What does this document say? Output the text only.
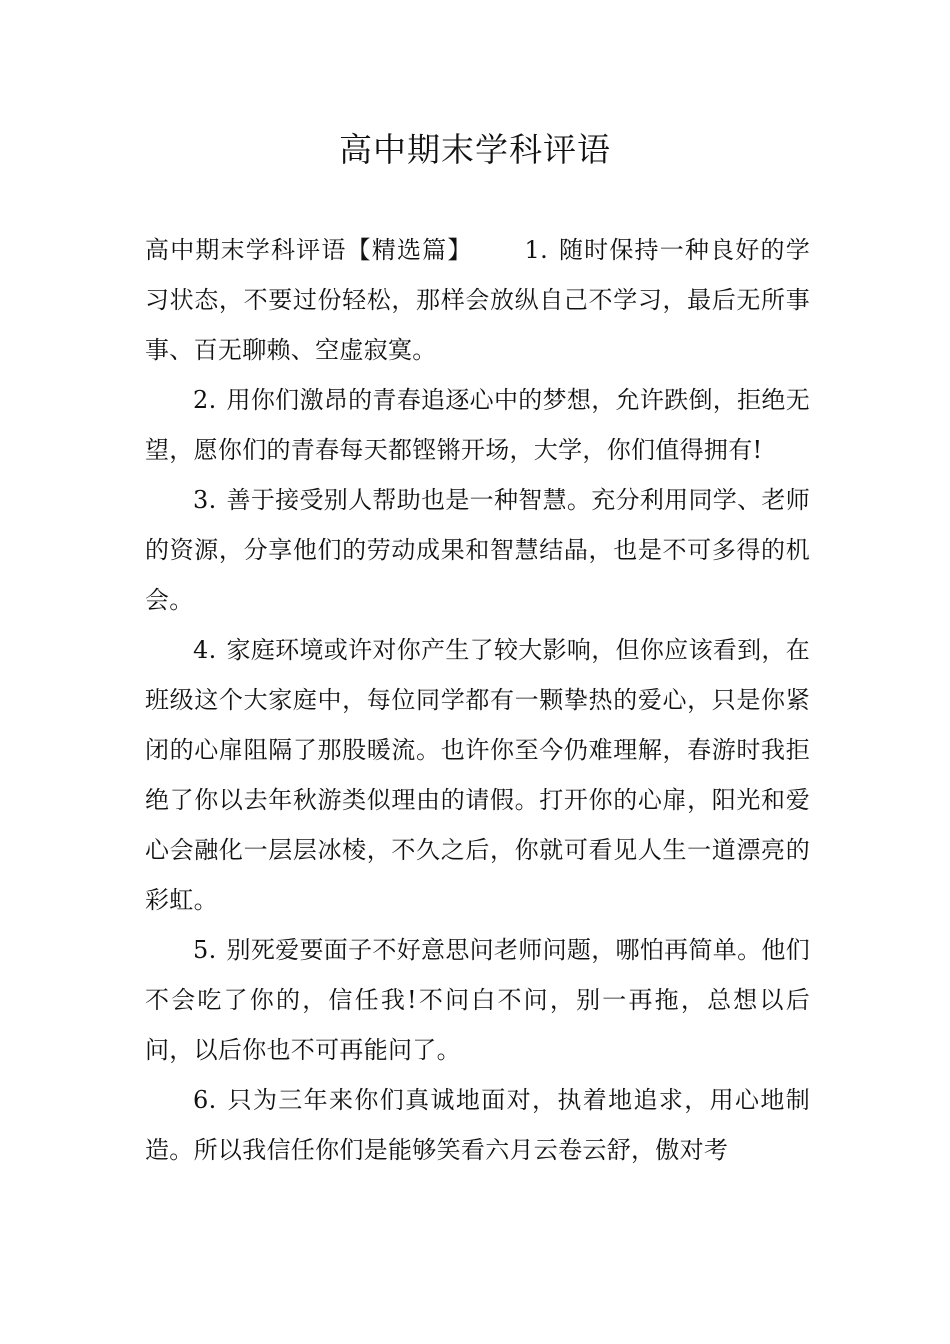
高中期末学科评语

高中期末学科评语【精选篇】 1. 随时保持一种良好的学习状态，不要过份轻松，那样会放纵自己不学习，最后无所事事、百无聊赖、空虚寂寞。

2. 用你们激昂的青春追逐心中的梦想，允许跌倒，拒绝无望，愿你们的青春每天都铿锵开场，大学，你们值得拥有!

3. 善于接受别人帮助也是一种智慧。充分利用同学、老师的资源，分享他们的劳动成果和智慧结晶，也是不可多得的机会。

4. 家庭环境或许对你产生了较大影响，但你应该看到，在班级这个大家庭中，每位同学都有一颗挚热的爱心，只是你紧闭的心扉阻隔了那股暖流。也许你至今仍难理解，春游时我拒绝了你以去年秋游类似理由的请假。打开你的心扉，阳光和爱心会融化一层层冰棱，不久之后，你就可看见人生一道漂亮的彩虹。

5. 别死爱要面子不好意思问老师问题，哪怕再简单。他们不会吃了你的，信任我!不问白不问，别一再拖，总想以后问，以后你也不可再能问了。

6. 只为三年来你们真诚地面对，执着地追求，用心地制造。所以我信任你们是能够笑看六月云卷云舒，傲对考
